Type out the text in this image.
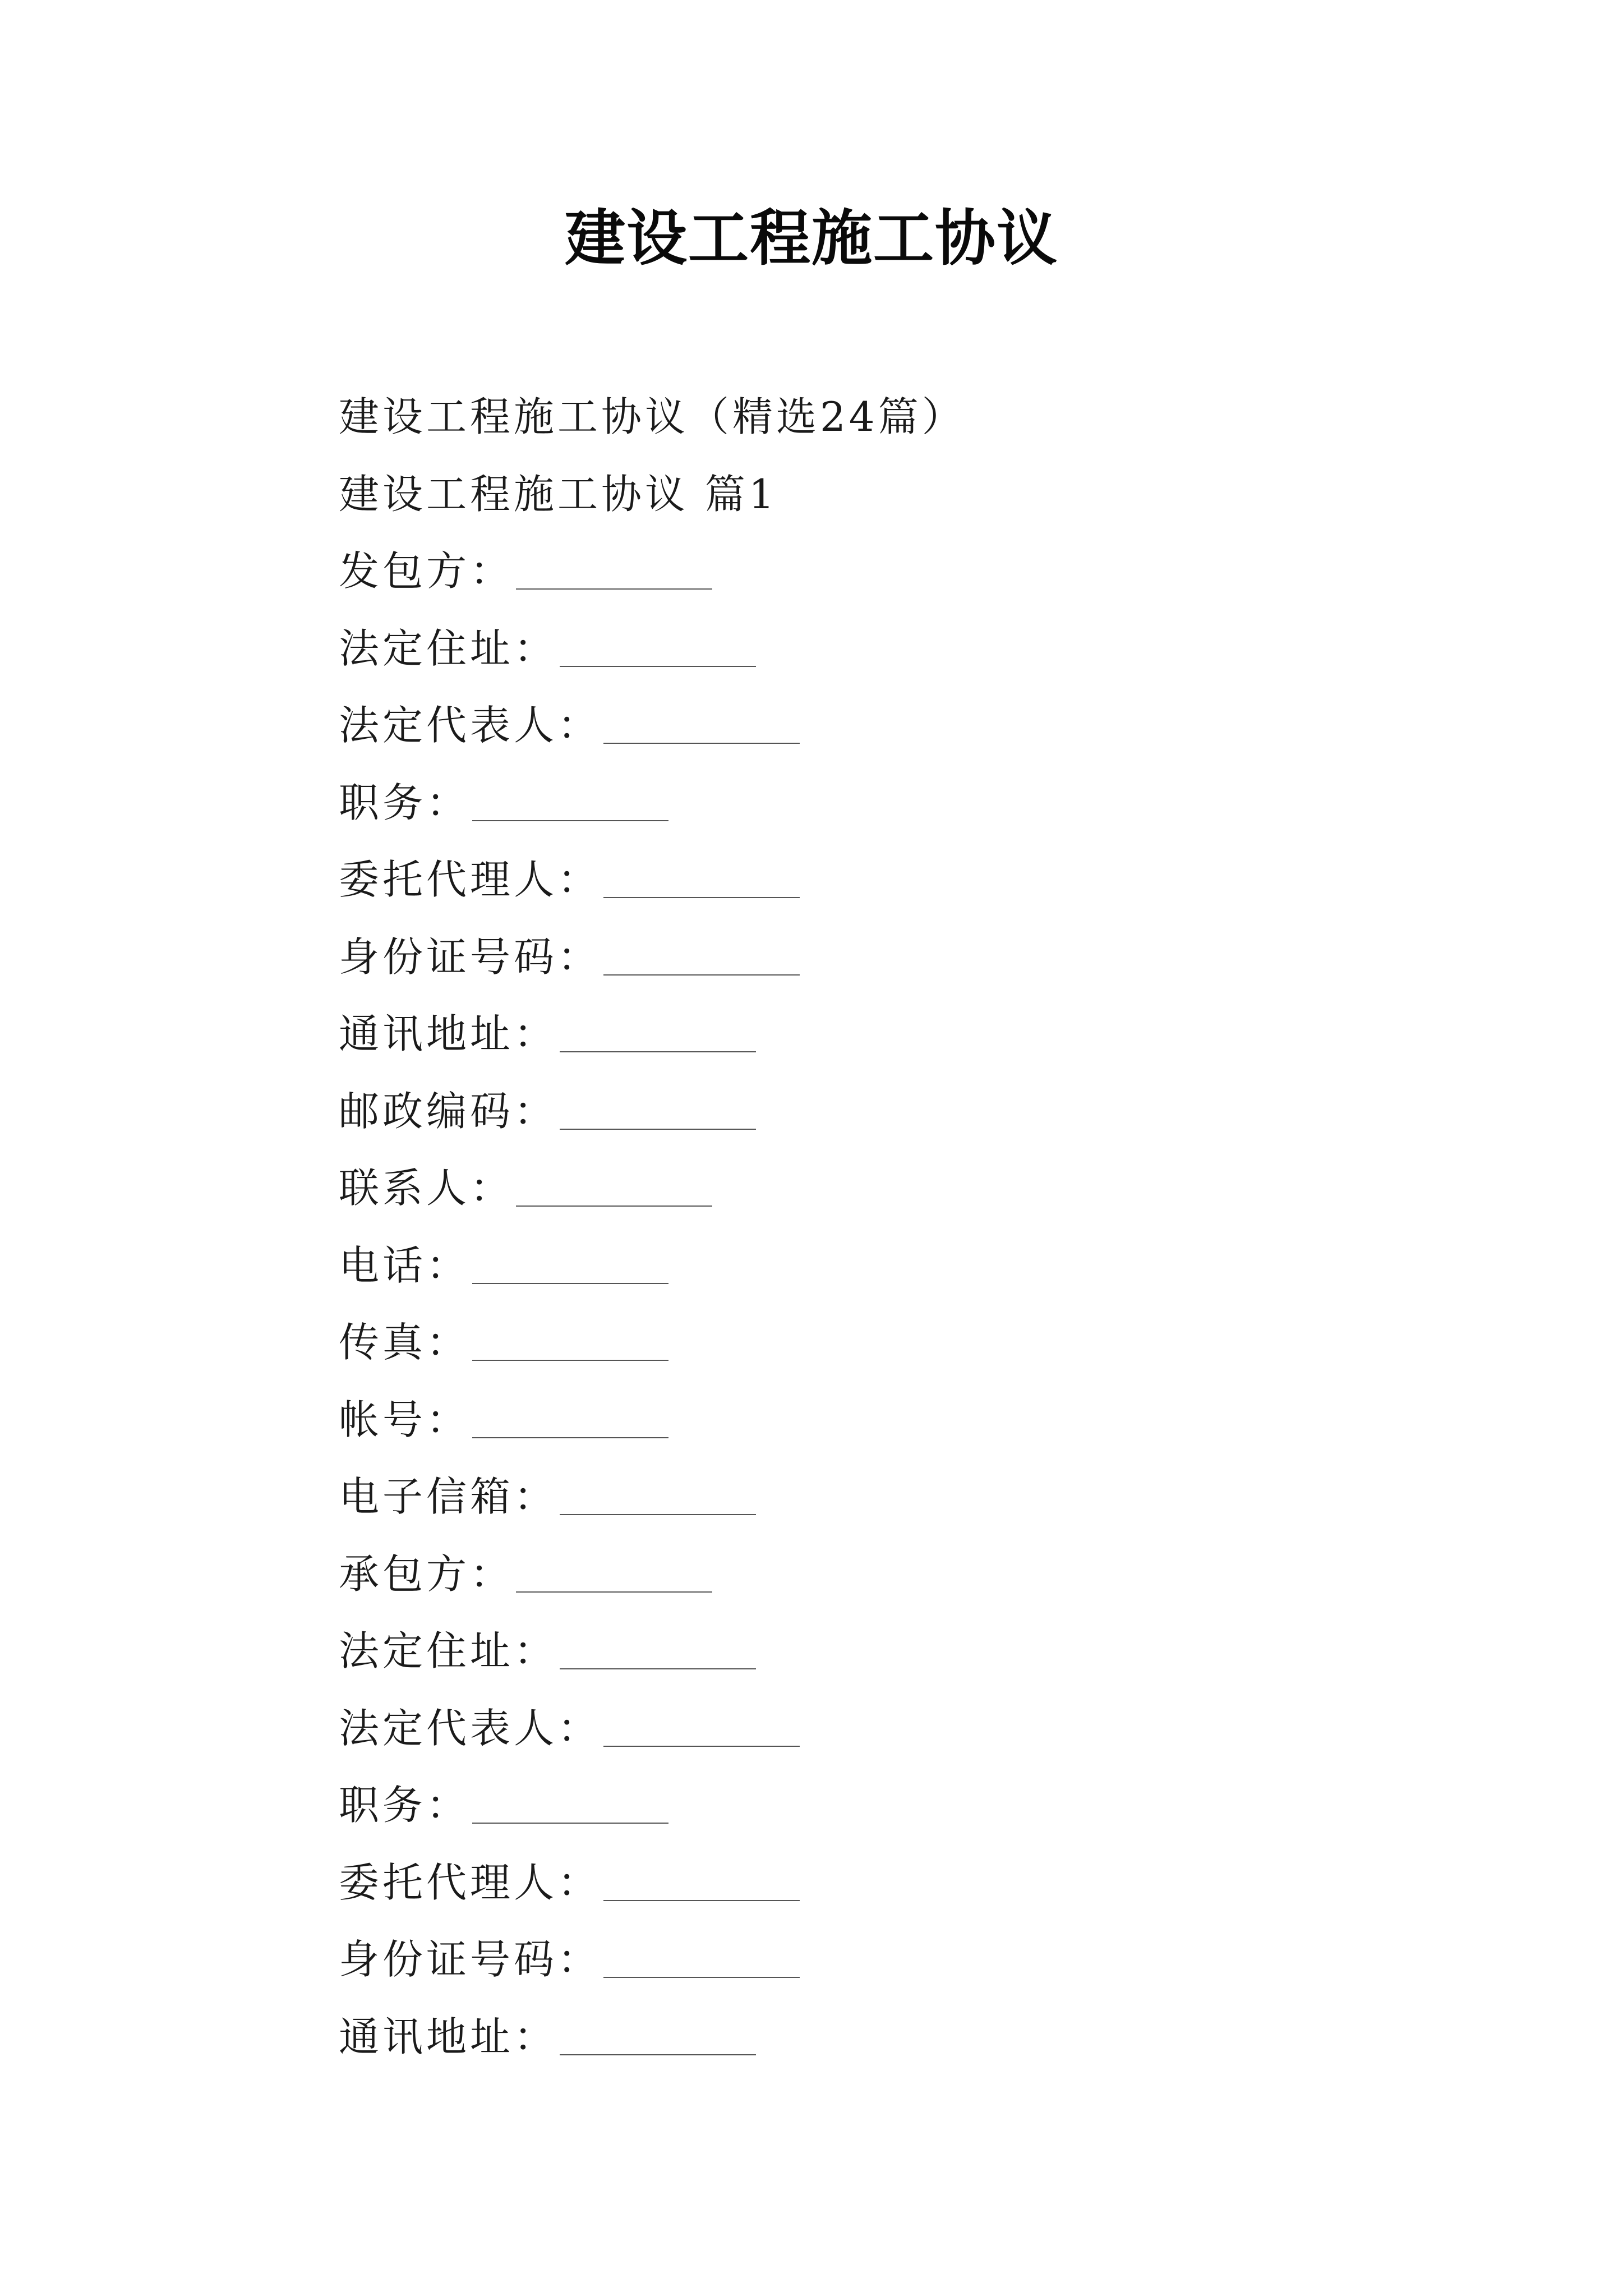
建设工程施工协议
建设工程施工协议（精选24篇）
建设工程施工协议 篇1
发包方：
法定住址：
法定代表人：
职务：
委托代理人：
身份证号码：
通讯地址：
邮政编码：
联系人：
电话：
传真：
帐号：
电子信箱：
承包方：
法定住址：
法定代表人：
职务：
委托代理人：
身份证号码：
通讯地址：
